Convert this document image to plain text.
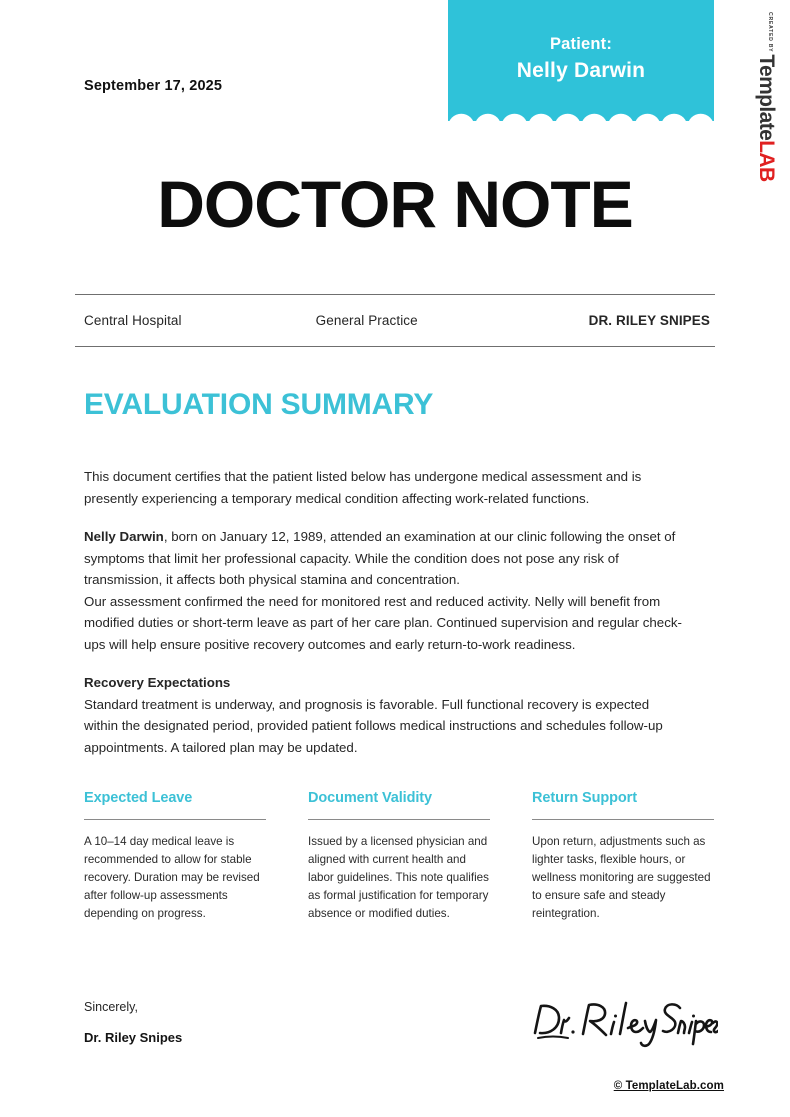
Patient:
Nelly Darwin
September 17, 2025
CREATED BY
Template
LAB
DOCTOR NOTE
Central Hospital	General Practice	DR. RILEY SNIPES
EVALUATION SUMMARY

This document certifies that the patient listed below has undergone medical assessment and is presently experiencing a temporary medical condition affecting work-related functions.

Nelly Darwin, born on January 12, 1989, attended an examination at our clinic following the onset of symptoms that limit her professional capacity. While the condition does not pose any risk of transmission, it affects both physical stamina and concentration.

Our assessment confirmed the need for monitored rest and reduced activity. Nelly will benefit from modified duties or short-term leave as part of her care plan. Continued supervision and regular check-ups will help ensure positive recovery outcomes and early return-to-work readiness.

Recovery Expectations

Standard treatment is underway, and prognosis is favorable. Full functional recovery is expected within the designated period, provided patient follows medical instructions and schedules follow-up appointments. A tailored plan may be updated.

Expected Leave
A 10–14 day medical leave is recommended to allow for stable recovery. Duration may be revised after follow-up assessments depending on progress.
Document Validity
Issued by a licensed physician and aligned with current health and labor guidelines. This note qualifies as formal justification for temporary absence or modified duties.
Return Support
Upon return, adjustments such as lighter tasks, flexible hours, or wellness monitoring are suggested to ensure safe and steady reintegration.
Sincerely,
Dr. Riley Snipes
© TemplateLab.com
